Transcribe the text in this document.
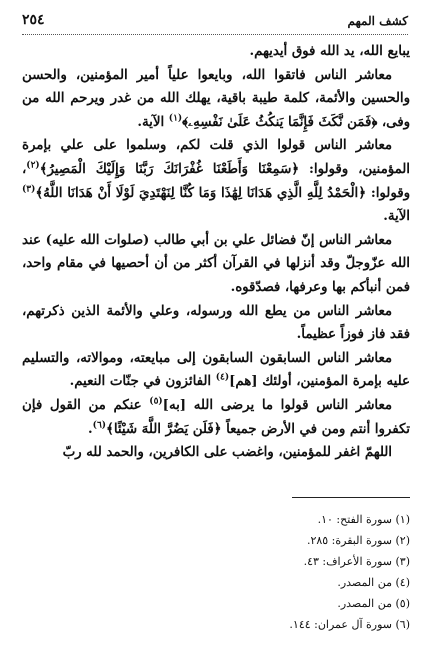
كشف المهم
٢٥٤

يبايع الله، يد الله فوق أيديهم.

معاشر الناس فاتقوا الله، وبايعوا علياً أمير المؤمنين، والحسن والحسين والأئمة، كلمة طيبة باقية، يهلك الله من غدر ويرحم الله من وفى، ﴿فَمَن نَّكَثَ فَإِنَّمَا يَنكُثُ عَلَىٰ نَفْسِهِۦ﴾$^{(١)}$ الآية.

معاشر الناس قولوا الذي قلت لكم، وسلموا على علي بإمرة المؤمنين، وقولوا: ﴿سَمِعْنَا وَأَطَعْنَا غُفْرَانَكَ رَبَّنَا وَإِلَيْكَ الْمَصِيرُ﴾$^{(٢)}$، وقولوا: ﴿الْحَمْدُ لِلَّهِ الَّذِي هَدَانَا لِهَٰذَا وَمَا كُنَّا لِنَهْتَدِيَ لَوْلَا أَنْ هَدَانَا اللَّهُ﴾$^{(٣)}$ الآية.

معاشر الناس إنّ فضائل علي بن أبي طالب (صلوات الله عليه) عند الله عزّوجلّ وقد أنزلها في القرآن أكثر من أن أحصيها في مقام واحد، فمن أنبأكم بها وعرفها، فصدّقوه.

معاشر الناس من يطع الله ورسوله، وعلي والأئمة الذين ذكرتهم، فقد فاز فوزاً عظيماً.

معاشر الناس السابقون السابقون إلى مبايعته، وموالاته، والتسليم عليه بإمرة المؤمنين، أولئك [هم]$^{(٤)}$ الفائزون في جنّات النعيم.

معاشر الناس قولوا ما يرضى الله [به]$^{(٥)}$ عنكم من القول فإن تكفروا أنتم ومن في الأرض جميعاً ﴿فَلَن يَضُرَّ اللَّهَ شَيْئًا﴾$^{(٦)}$.

اللهمّ اغفر للمؤمنين، واغضب على الكافرين، والحمد لله ربّ

(١) سورة الفتح: ١٠.
(٢) سورة البقرة: ٢٨٥.
(٣) سورة الأعراف: ٤٣.
(٤) من المصدر.
(٥) من المصدر.
(٦) سورة آل عمران: ١٤٤.
